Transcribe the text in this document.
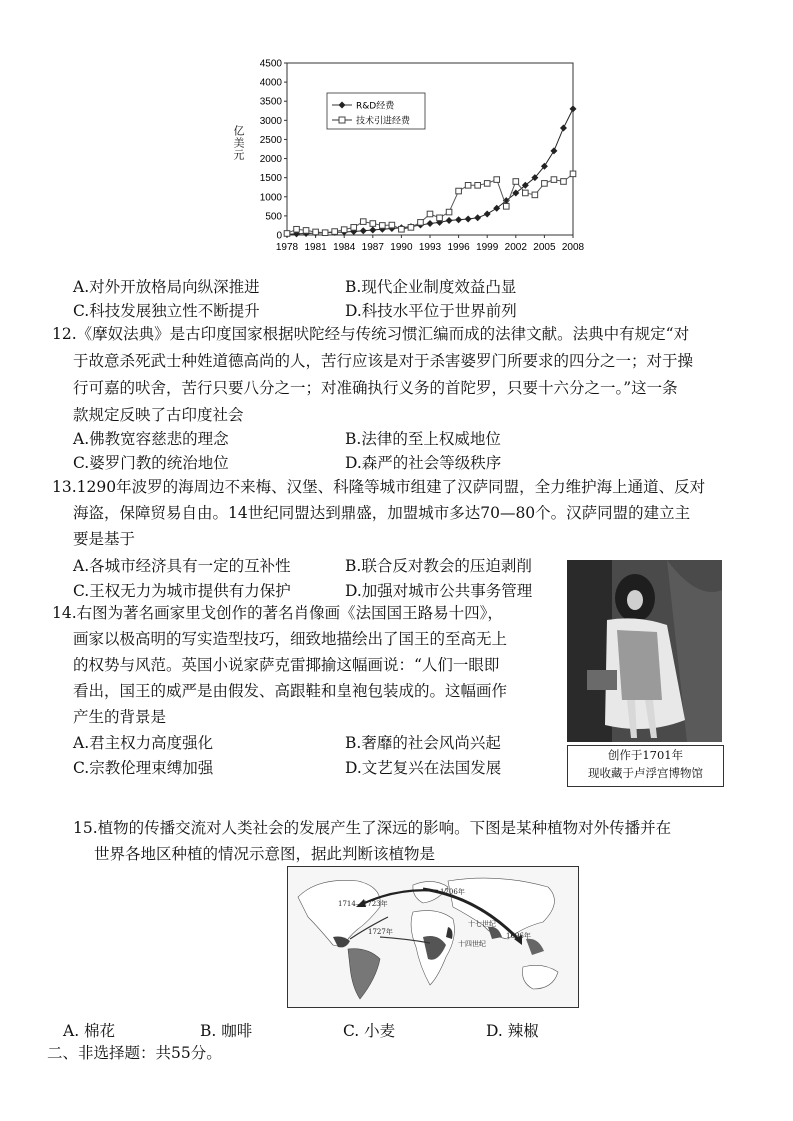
0
500
1000
1500
2000
2500
3000
3500
4000
4500
1978 1981 1984 1987 1990 1993 1996 1999 2002 2005 2008
R&D经费
技术引进经费
亿美元
A.对外开放格局向纵深推进	B.现代企业制度效益凸显
C.科技发展独立性不断提升	D.科技水平位于世界前列
12.《摩奴法典》是古印度国家根据吠陀经与传统习惯汇编而成的法律文献。法典中有规定“对
于故意杀死武士种姓道德高尚的人，苦行应该是对于杀害婆罗门所要求的四分之一；对于操
行可嘉的吠舍，苦行只要八分之一；对准确执行义务的首陀罗，只要十六分之一。”这一条
款规定反映了古印度社会
A.佛教宽容慈悲的理念	B.法律的至上权威地位
C.婆罗门教的统治地位	D.森严的社会等级秩序
13.1290年波罗的海周边不来梅、汉堡、科隆等城市组建了汉萨同盟，全力维护海上通道、反对
海盗，保障贸易自由。14世纪同盟达到鼎盛，加盟城市多达70—80个。汉萨同盟的建立主
要是基于
A.各城市经济具有一定的互补性	B.联合反对教会的压迫剥削
C.王权无力为城市提供有力保护	D.加强对城市公共事务管理
14.右图为著名画家里戈创作的著名肖像画《法国国王路易十四》，
画家以极高明的写实造型技巧，细致地描绘出了国王的至高无上
的权势与风范。英国小说家萨克雷揶揄这幅画说：“人们一眼即
看出，国王的威严是由假发、高跟鞋和皇袍包装成的。这幅画作
产生的背景是
A.君主权力高度强化	B.奢靡的社会风尚兴起
C.宗教伦理束缚加强	D.文艺复兴在法国发展
创作于1701年
现收藏于卢浮宫博物馆
15.植物的传播交流对人类社会的发展产生了深远的影响。下图是某种植物对外传播并在
世界各地区种植的情况示意图，据此判断该植物是
1706年
1714—1723年
1727年
十七世纪
十四世纪
1696年
A. 棉花	B. 咖啡	C. 小麦	D. 辣椒
二、非选择题：共55分。
